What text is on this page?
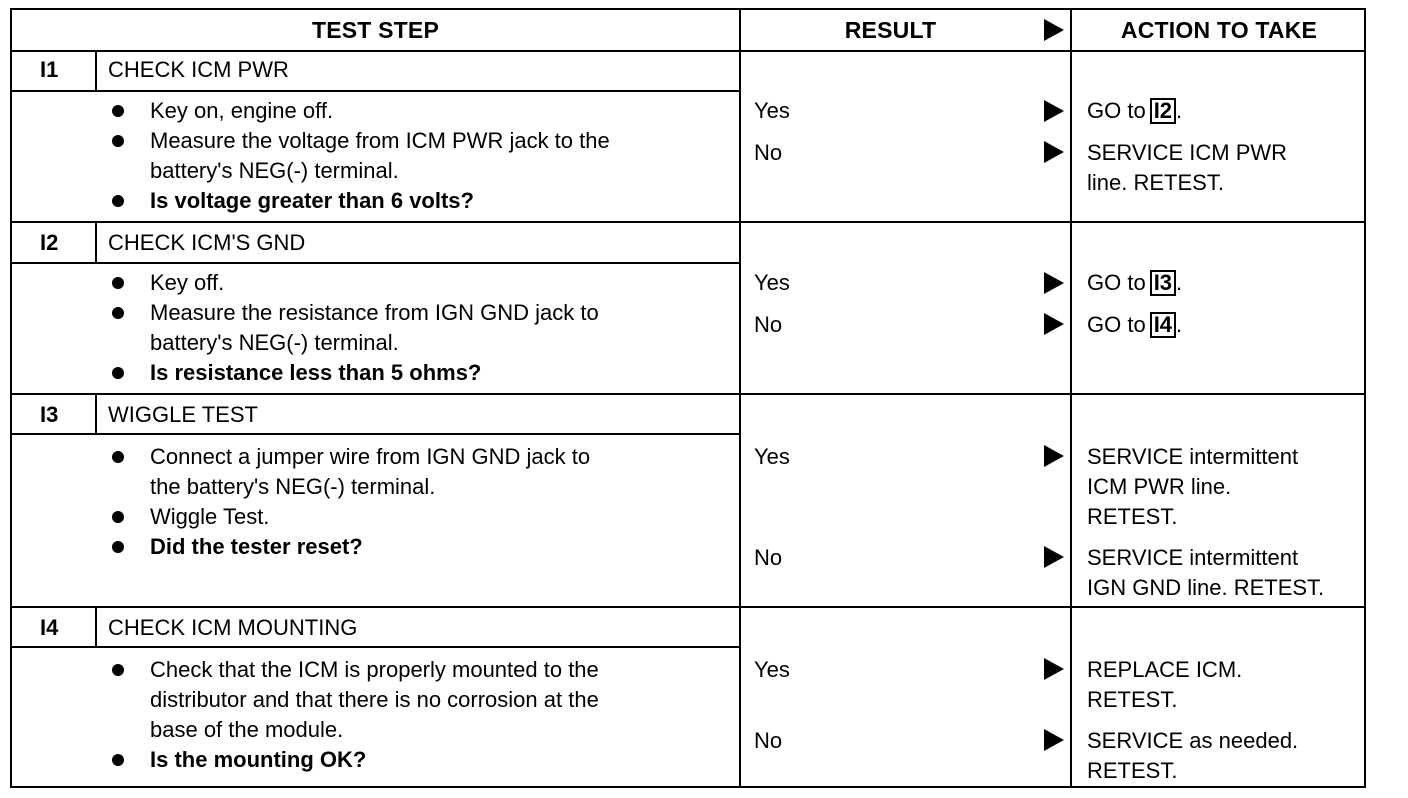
TEST STEP	RESULT	ACTION TO TAKE
I1 CHECK ICM PWR
Key on, engine off.
Measure the voltage from ICM PWR jack to the
battery's NEG(-) terminal.
Is voltage greater than 6 volts?
Yes	GO to I2 .
No	SERVICE ICM PWR
line. RETEST.
I2 CHECK ICM'S GND
Key off.
Measure the resistance from IGN GND jack to
battery's NEG(-) terminal.
Is resistance less than 5 ohms?
Yes	GO to I3 .
No	GO to I4 .
I3 WIGGLE TEST
Connect a jumper wire from IGN GND jack to
the battery's NEG(-) terminal.
Wiggle Test.
Did the tester reset?
Yes	SERVICE intermittent
ICM PWR line.
RETEST.
No	SERVICE intermittent
IGN GND line. RETEST.
I4 CHECK ICM MOUNTING
Check that the ICM is properly mounted to the
distributor and that there is no corrosion at the
base of the module.
Is the mounting OK?
Yes	REPLACE ICM.
RETEST.
No	SERVICE as needed.
RETEST.
